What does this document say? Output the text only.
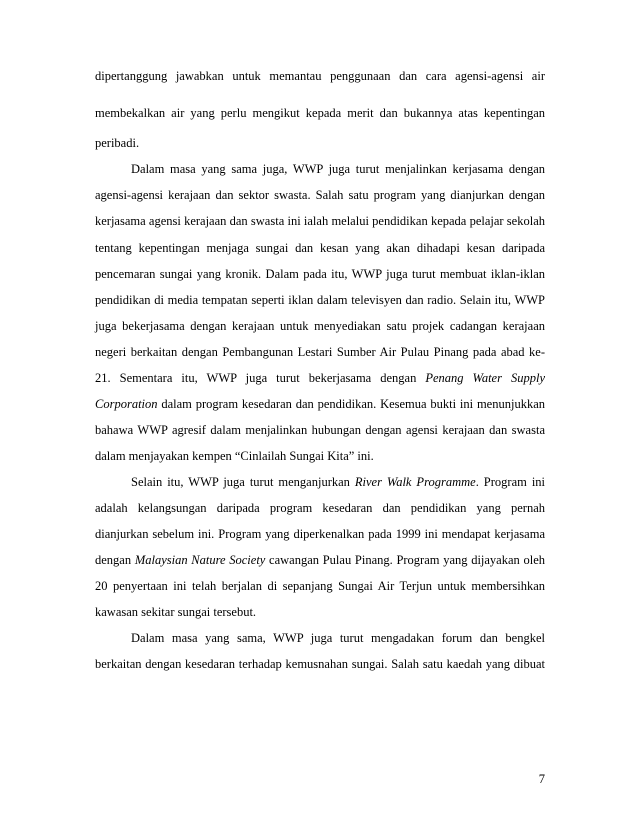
dipertanggung jawabkan untuk memantau penggunaan dan cara agensi-agensi air
membekalkan air yang perlu mengikut kepada merit dan bukannya atas kepentingan
peribadi.
Dalam masa yang sama juga, WWP juga turut menjalinkan kerjasama dengan
agensi-agensi kerajaan dan sektor swasta. Salah satu program yang dianjurkan dengan
kerjasama agensi kerajaan dan swasta ini ialah melalui pendidikan kepada pelajar sekolah
tentang kepentingan menjaga sungai dan kesan yang akan dihadapi kesan daripada
pencemaran sungai yang kronik. Dalam pada itu, WWP juga turut membuat iklan-iklan
pendidikan di media tempatan seperti iklan dalam televisyen dan radio. Selain itu, WWP
juga bekerjasama dengan kerajaan untuk menyediakan satu projek cadangan kerajaan
negeri berkaitan dengan Pembangunan Lestari Sumber Air Pulau Pinang pada abad ke-
21. Sementara itu, WWP juga turut bekerjasama dengan Penang Water Supply
Corporation dalam program kesedaran dan pendidikan. Kesemua bukti ini menunjukkan
bahawa WWP agresif dalam menjalinkan hubungan dengan agensi kerajaan dan swasta
dalam menjayakan kempen “Cinlailah Sungai Kita” ini.
Selain itu, WWP juga turut menganjurkan River Walk Programme. Program ini
adalah kelangsungan daripada program kesedaran dan pendidikan yang pernah
dianjurkan sebelum ini. Program yang diperkenalkan pada 1999 ini mendapat kerjasama
dengan Malaysian Nature Society cawangan Pulau Pinang. Program yang dijayakan oleh
20 penyertaan ini telah berjalan di sepanjang Sungai Air Terjun untuk membersihkan
kawasan sekitar sungai tersebut.
Dalam masa yang sama, WWP juga turut mengadakan forum dan bengkel
berkaitan dengan kesedaran terhadap kemusnahan sungai. Salah satu kaedah yang dibuat
7
